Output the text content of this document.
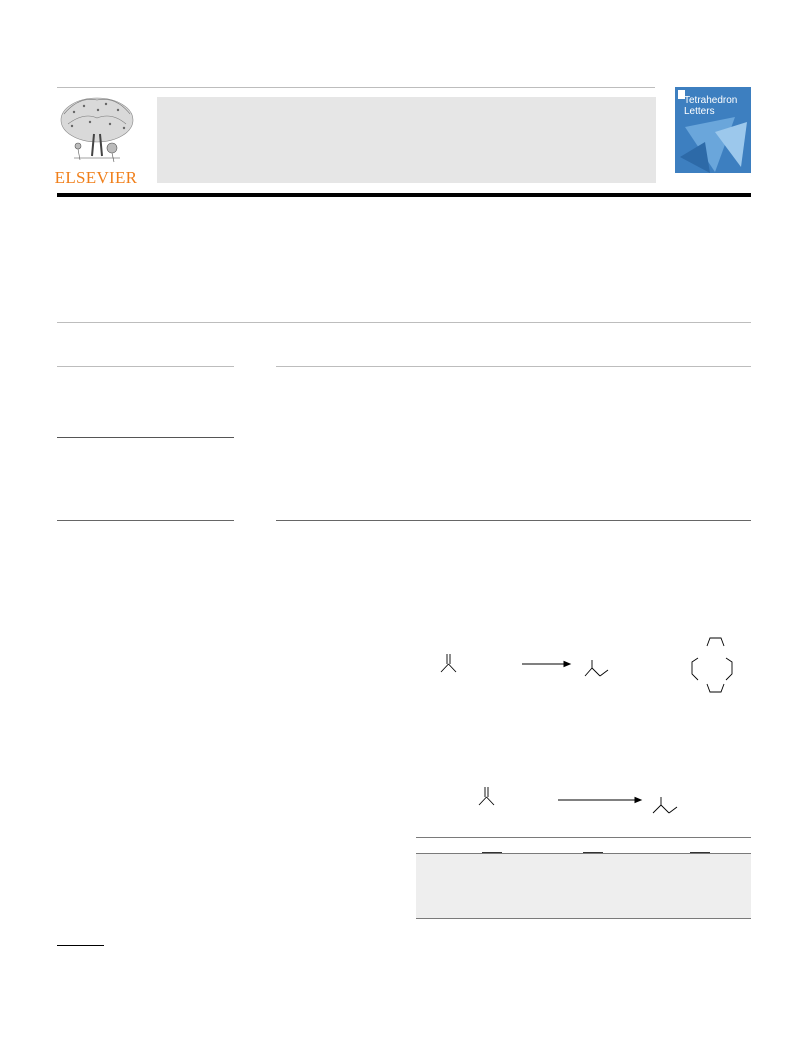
ELSEVIER
Tetrahedron Letters
